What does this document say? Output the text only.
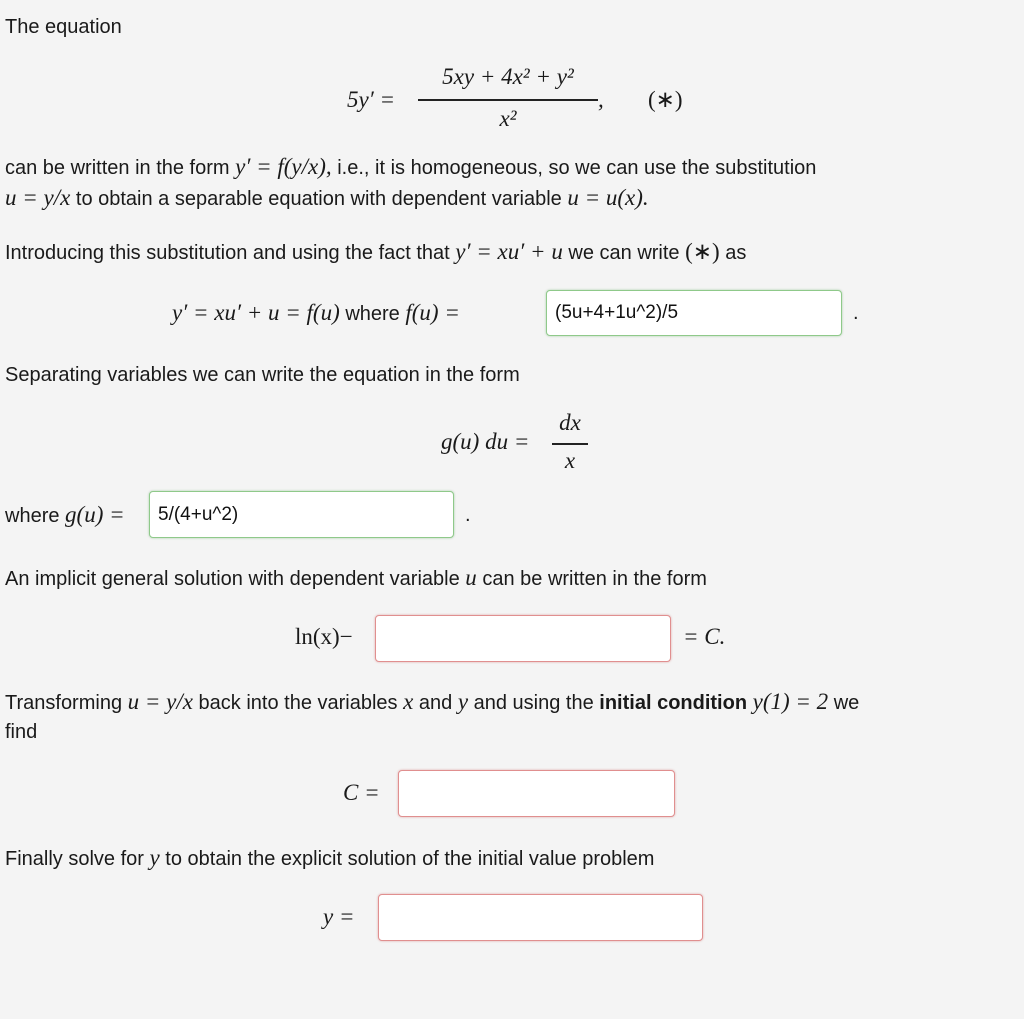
The equation
5y′ =
5xy + 4x² + y²
x²
, (∗)
can be written in the form y′ = f(y/x), i.e., it is homogeneous, so we can use the substitution
u = y/x to obtain a separable equation with dependent variable u = u(x).
Introducing this substitution and using the fact that y′ = xu′ + u we can write (∗) as
y′ = xu′ + u = f(u) where f(u) =	(5u+4+1u^2)/5	.
Separating variables we can write the equation in the form
g(u) du =
dx
x
where g(u) =	5/(4+u^2)	.
An implicit general solution with dependent variable u can be written in the form
ln(x)−	= C.
Transforming u = y/x back into the variables x and y and using the initial condition y(1) = 2 we
find
C =
Finally solve for y to obtain the explicit solution of the initial value problem
y =
